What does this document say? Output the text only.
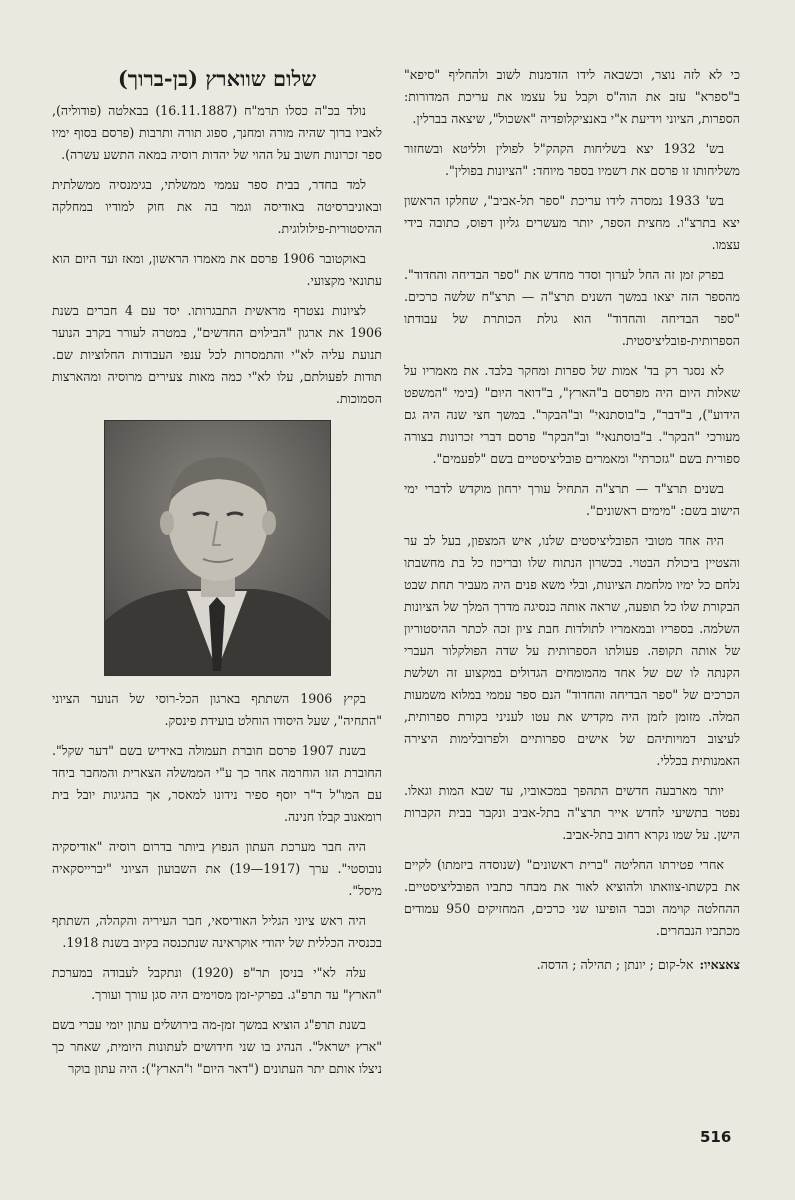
כי לא לזה נוצר, וכשבאה לידו הזדמנות לשוב ולהחליף "סיפא" ב"ספרא" עזב את הוה"ס וקבל על עצמו את עריכת המדורות: הספרות, הציוני וידיעת א"י באנציקלופדיה "אשכול", שיצאה בברלין.

בש' 1932 יצא בשליחות הקהק"ל לפולין ולליטא ובשחזור משליחותו זו פרסם את רשמיו בספר מיוחד: "הציונות בפולין".

בש' 1933 נמסרה לידו עריכת "ספר תל-אביב", שחלקו הראשון יצא בתרצ"ו. מחצית הספר, יותר מעשרים גליון דפוס, כתובה בידי עצמו.

בפרק זמן זה החל לערוך וסדר מחדש את "ספר הבדיחה והחדוד". מהספר הזה יצאו במשך השנים תרצ"ה — תרצ"ח שלשה כרכים. "ספר הבדיחה והחדוד" הוא גולת הכותרת של עבודתו הספרותית-פובליציסטית.

לא נסגר רק בד' אמות של ספרות ומחקר בלבד. את מאמריו על שאלות היום היה מפרסם ב"הארץ", ב"דואר היום" (בימי "המשפט הידוע"), ב"דבר", ב"בוסתנאי" וב"הבקר". במשך חצי שנה היה גם מעורכי "הבקר". ב"בוסתנאי" וב"הבקר" פרסם דברי זכרונות בצורה ספורית בשם "גזכרתי" ומאמרים פובליציסטיים בשם "לפעמים".

בשנים תרצ"ד — תרצ"ה התחיל עורך ירחון מוקדש לדברי ימי הישוב בשם: "מימים ראשונים".

היה אחד מטובי הפובליציסטים שלנו, איש המצפון, בעל לב ער והצטיין ביכולת הבטוי. בכשרון הנתוח שלו ובריכוז כל בת מחשבתו נלחם כל ימיו מלחמת הציונות, ובלי משא פנים היה מעביר תחת שבט הבקורת שלו כל תופעה, שראה אותה כנסיגה מדרך המלך של הציונות השלמה. בספריו ובמאמריו לתולדות חבת ציון זכה לכתר ההיסטוריון של אותה תקופה. פעולתו הספרותית על שדה הפולקלור העברי הקנתה לו שם של אחד מהמומחים הגדולים במקצוע זה ושלשת הכרכים של "ספר הבדיחה והחדוד" הנם ספר עממי במלוא משמעות המלה. מזומן לזמן היה מקדיש את עטו לעניני בקורת ספרותית, לעיצוב דמויותיהם של אישים ספרותיים ולפרובלימות היצירה האמנותית בכללי.

יותר מארבעה חדשים התהפך במכאוביו, עד שבא המות וגאלו. נפטר בתשיעי לחדש אייר תרצ"ה בתל-אביב ונקבר בבית הקברות הישן. על שמו נקרא רחוב בתל-אביב.

אחרי פטירתו החליטה "ברית ראשונים" (שנוסדה ביזמתו) לקיים את בקשתו-צוואתו ולהוציא לאור את מבחר כתביו הפובליציסטיים. ההחלטה קוימה וכבר הופיעו שני כרכים, המחזיקים 950 עמודים מכתביו הנבחרים.

צאצאיו:אל-קום ; יונתן ; תהילה ; הדסה.
שלום שווארץ (בן-ברוך)

נולד בכ"ה כסלו תרמ"ח (16.11.1887) בבאלטה (פודוליה), לאביו ברוך שהיה מורה ומחנך, ספוג תורה ותרבות (פרסם בסוף ימיו ספר זכרונות חשוב על ההוי של יהדות רוסיה במאה התשע עשרה).

למד בחדר, בבית ספר עממי ממשלתי, בגימנסיה ממשלתית ובאוניברסיטה באודיסה וגמר בה את חוק למודיו במחלקה ההיסטורית-פילולוגית.

באוקטובר 1906 פרסם את מאמרו הראשון, ומאז ועד היום הוא עתונאי מקצועי.

לציונות נצטרף מראשית התבגרותו. יסד עם 4 חברים בשנת 1906 את ארגון "הבילוים החדשים", במטרה לעורר בקרב הנוער תנועת עליה לא"י והתמסרות לכל ענפי העבודות החלוציות שם. תודות לפעולתם, עלו לא"י כמה מאות צעירים מרוסיה ומהארצות הסמוכות.

בקיץ 1906 השתתף בארגון הכל-רוסי של הנוער הציוני "התחיה", שעל היסודו הוחלט בועידת פינסק.

בשנת 1907 פרסם חוברת תעמולה באידיש בשם "דער שקל". החוברת הזו הוחרמה אחר כך ע"י הממשלה הצארית והמחבר ביחד עם המו"ל ד"ר יוסף ספיר נידונו למאסר, אך בהגיגות יובל בית רומאנוב קבלו חנינה.

היה חבר מערכת העתון הנפוץ ביותר בדרום רוסיה "אודיסקיה נובוסטי". ערך (1917—19) את השבועון הציוני "יברייסקאיה מיסל".

היה ראש ציוני הגליל האודיסאי, חבר העיריה והקהלה, השתתף בכנסיה הכללית של יהודי אוקראינה שנתכנסה בקיוב בשנת 1918.

עלה לא"י בניסן תר"פ (1920) ונתקבל לעבודה במערכת "הארץ" עד תרפ"ג. בפרקי-זמן מסוימים היה סגן עורך ועורך.

בשנת תרפ"ג הוציא במשך זמן-מה בירושלים עתון יומי עברי בשם "ארץ ישראל". הנהיג בו שני חידושים לעתונות היומית, שאחר כך ניצלו אותם יתר העתונים ("דאר היום" ו"הארץ"): היה עתון בוקר

516
